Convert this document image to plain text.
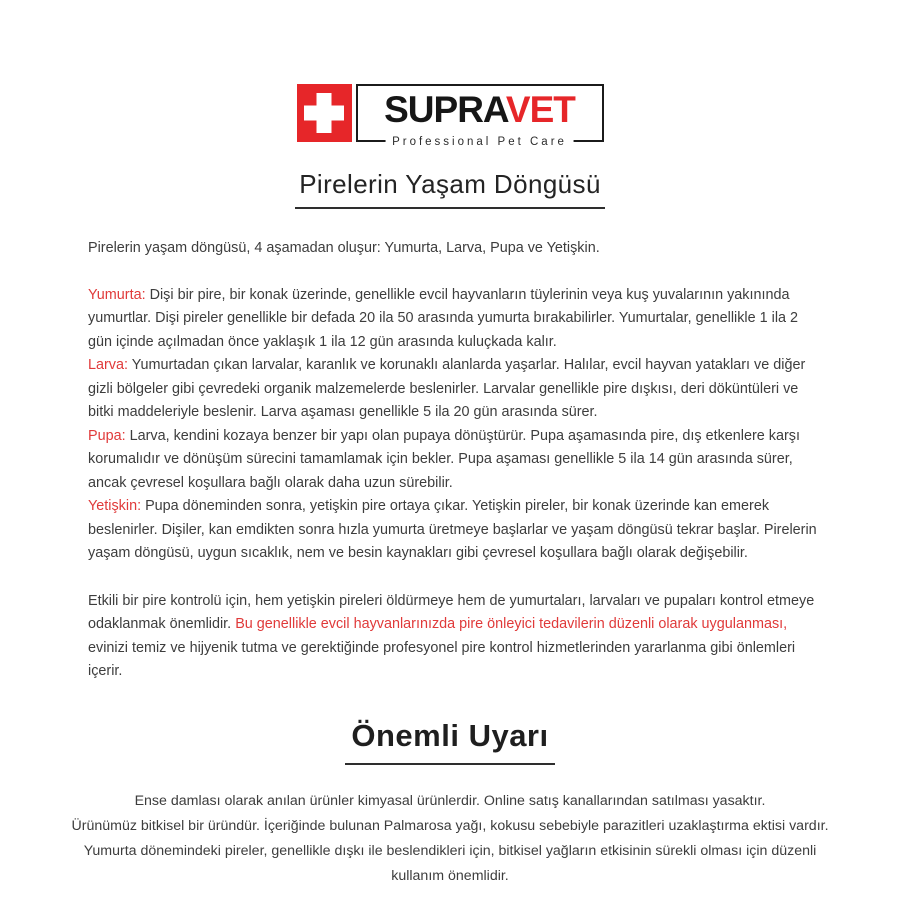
SUPRAVET
Professional Pet Care
Pirelerin Yaşam Döngüsü

Pirelerin yaşam döngüsü, 4 aşamadan oluşur: Yumurta, Larva, Pupa ve Yetişkin.

Yumurta: Dişi bir pire, bir konak üzerinde, genellikle evcil hayvanların tüylerinin veya kuş yuvalarının yakınında yumurtlar. Dişi pireler genellikle bir defada 20 ila 50 arasında yumurta bırakabilirler. Yumurtalar, genellikle 1 ila 2 gün içinde açılmadan önce yaklaşık 1 ila 12 gün arasında kuluçkada kalır.

Larva: Yumurtadan çıkan larvalar, karanlık ve korunaklı alanlarda yaşarlar. Halılar, evcil hayvan yatakları ve diğer gizli bölgeler gibi çevredeki organik malzemelerde beslenirler. Larvalar genellikle pire dışkısı, deri döküntüleri ve bitki maddeleriyle beslenir. Larva aşaması genellikle 5 ila 20 gün arasında sürer.

Pupa: Larva, kendini kozaya benzer bir yapı olan pupaya dönüştürür. Pupa aşamasında pire, dış etkenlere karşı korumalıdır ve dönüşüm sürecini tamamlamak için bekler. Pupa aşaması genellikle 5 ila 14 gün arasında sürer, ancak çevresel koşullara bağlı olarak daha uzun sürebilir.

Yetişkin: Pupa döneminden sonra, yetişkin pire ortaya çıkar. Yetişkin pireler, bir konak üzerinde kan emerek beslenirler. Dişiler, kan emdikten sonra hızla yumurta üretmeye başlarlar ve yaşam döngüsü tekrar başlar. Pirelerin yaşam döngüsü, uygun sıcaklık, nem ve besin kaynakları gibi çevresel koşullara bağlı olarak değişebilir.

Etkili bir pire kontrolü için, hem yetişkin pireleri öldürmeye hem de yumurtaları, larvaları ve pupaları kontrol etmeye odaklanmak önemlidir. Bu genellikle evcil hayvanlarınızda pire önleyici tedavilerin düzenli olarak uygulanması, evinizi temiz ve hijyenik tutma ve gerektiğinde profesyonel pire kontrol hizmetlerinden yararlanma gibi önlemleri içerir.

Önemli Uyarı

Ense damlası olarak anılan ürünler kimyasal ürünlerdir. Online satış kanallarından satılması yasaktır.

Ürünümüz bitkisel bir üründür. İçeriğinde bulunan Palmarosa yağı, kokusu sebebiyle parazitleri uzaklaştırma ektisi vardır.

Yumurta dönemindeki pireler, genellikle dışkı ile beslendikleri için, bitkisel yağların etkisinin sürekli olması için düzenli kullanım önemlidir.
